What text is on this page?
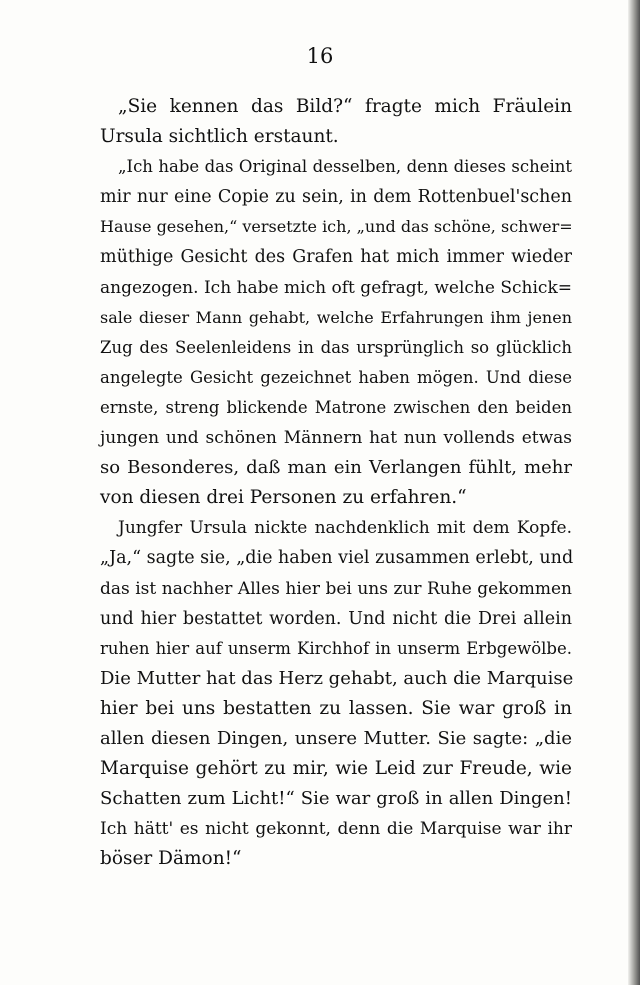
16
„Sie kennen das Bild?“ fragte mich Fräulein
Ursula sichtlich erstaunt.
„Ich habe das Original desselben, denn dieses scheint
mir nur eine Copie zu sein, in dem Rottenbuel'schen
Hause gesehen,“ versetzte ich, „und das schöne, schwer=
müthige Gesicht des Grafen hat mich immer wieder
angezogen. Ich habe mich oft gefragt, welche Schick=
sale dieser Mann gehabt, welche Erfahrungen ihm jenen
Zug des Seelenleidens in das ursprünglich so glücklich
angelegte Gesicht gezeichnet haben mögen. Und diese
ernste, streng blickende Matrone zwischen den beiden
jungen und schönen Männern hat nun vollends etwas
so Besonderes, daß man ein Verlangen fühlt, mehr
von diesen drei Personen zu erfahren.“
Jungfer Ursula nickte nachdenklich mit dem Kopfe.
„Ja,“ sagte sie, „die haben viel zusammen erlebt, und
das ist nachher Alles hier bei uns zur Ruhe gekommen
und hier bestattet worden. Und nicht die Drei allein
ruhen hier auf unserm Kirchhof in unserm Erbgewölbe.
Die Mutter hat das Herz gehabt, auch die Marquise
hier bei uns bestatten zu lassen. Sie war groß in
allen diesen Dingen, unsere Mutter. Sie sagte: „die
Marquise gehört zu mir, wie Leid zur Freude, wie
Schatten zum Licht!“ Sie war groß in allen Dingen!
Ich hätt' es nicht gekonnt, denn die Marquise war ihr
böser Dämon!“
